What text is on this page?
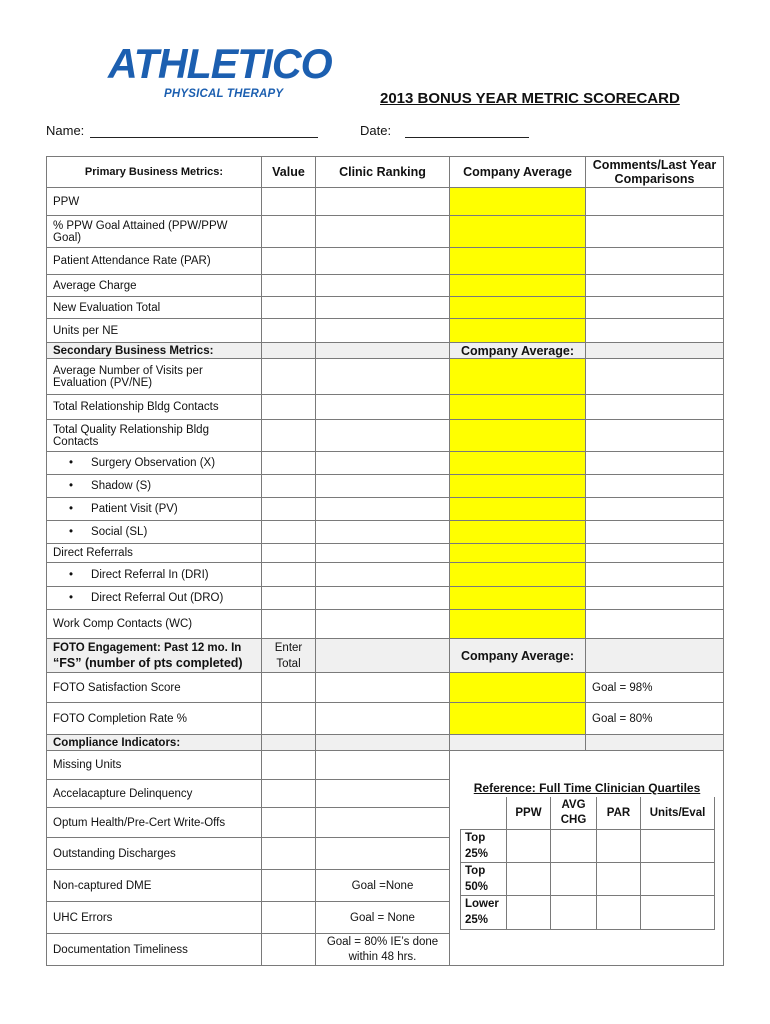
ATHLETICO
PHYSICAL THERAPY	2013 BONUS YEAR METRIC SCORECARD
Name:	Date:
Primary Business Metrics:	Value	Clinic Ranking	Company Average	Comments/Last Year Comparisons
PPW				
% PPW Goal Attained (PPW/PPW Goal)				
Patient Attendance Rate (PAR)				
Average Charge				
New Evaluation Total				
Units per NE				
Secondary Business Metrics:			Company Average:	
Average Number of Visits per Evaluation (PV/NE)				
Total Relationship Bldg Contacts				
Total Quality Relationship Bldg Contacts				
• Surgery Observation (X)				
• Shadow (S)				
• Patient Visit (PV)				
• Social (SL)				
Direct Referrals				
• Direct Referral In (DRI)				
• Direct Referral Out (DRO)				
Work Comp Contacts (WC)				

FOTO Engagement: Past 12 mo. In
“FS” (number of pts completed)	Enter Total		Company Average:	
FOTO Satisfaction Score				Goal = 98%
FOTO Completion Rate %				Goal = 80%
Compliance Indicators:				
Missing Units				
Accelacapture Delinquency				
Optum Health/Pre-Cert Write-Offs				
Outstanding Discharges				
Non-captured DME		Goal =None		
UHC Errors		Goal = None		
Documentation Timeliness		Goal = 80% IE’s done within 48 hrs.		
Reference: Full Time Clinician Quartiles
	PPW	AVG CHG	PAR	Units/Eval
Top 25%				
Top 50%				
Lower 25%				
